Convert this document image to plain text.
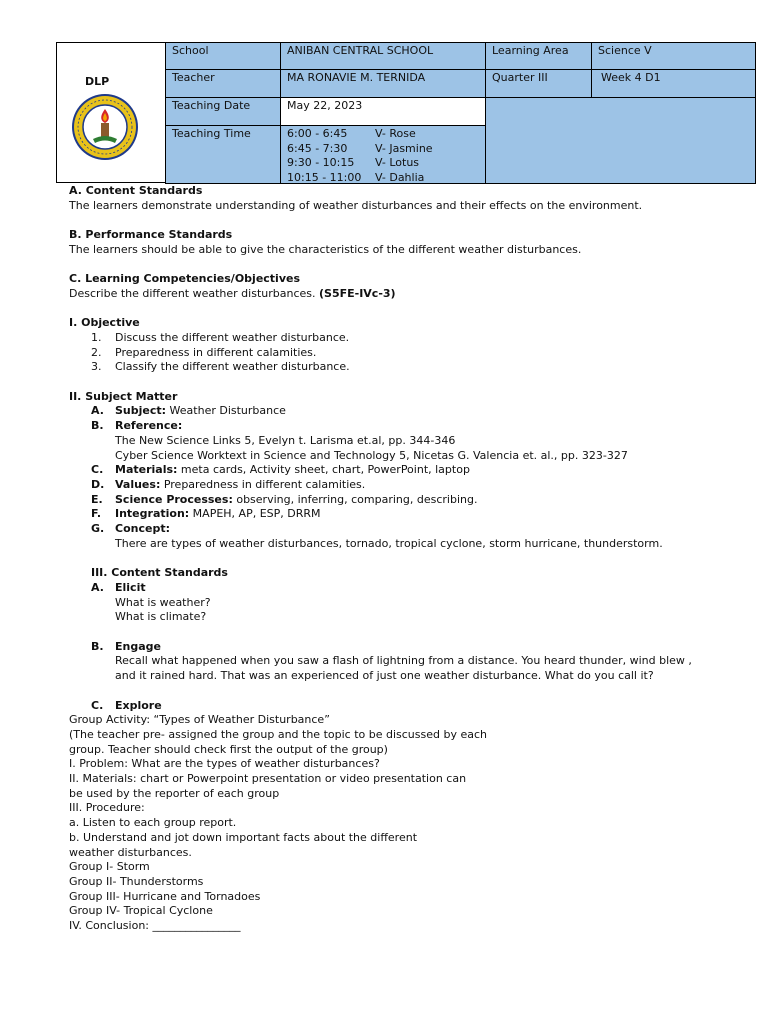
DLP
School	ANIBAN CENTRAL SCHOOL	Learning Area	Science V
Teacher	MA RONAVIE M. TERNIDA	Quarter III	Week 4 D1
Teaching Date	May 22, 2023
Teaching Time	6:00 - 6:45	V- Rose
6:45 - 7:30	V- Jasmine
9:30 - 10:15 V- Lotus
10:15 - 11:00 V- Dahlia

A. Content Standards

The learners demonstrate understanding of weather disturbances and their effects on the environment.

B. Performance Standards

The learners should be able to give the characteristics of the different weather disturbances.

C. Learning Competencies/Objectives

Describe the different weather disturbances. (S5FE-IVc-3)

I. Objective

1. Discuss the different weather disturbance.

2. Preparedness in different calamities.

3. Classify the different weather disturbance.

II. Subject Matter

A. Subject: Weather Disturbance

B. Reference:

The New Science Links 5, Evelyn t. Larisma et.al, pp. 344-346

Cyber Science Worktext in Science and Technology 5, Nicetas G. Valencia et. al., pp. 323-327

C. Materials: meta cards, Activity sheet, chart, PowerPoint, laptop

D. Values: Preparedness in different calamities.

E. Science Processes: observing, inferring, comparing, describing.

F. Integration: MAPEH, AP, ESP, DRRM

G. Concept:

There are types of weather disturbances, tornado, tropical cyclone, storm hurricane, thunderstorm.

III. Content Standards

A. Elicit

What is weather?

What is climate?

B. Engage

Recall what happened when you saw a flash of lightning from a distance. You heard thunder, wind blew ,

and it rained hard. That was an experienced of just one weather disturbance. What do you call it?

C. Explore

Group Activity: “Types of Weather Disturbance”

(The teacher pre- assigned the group and the topic to be discussed by each

group. Teacher should check first the output of the group)

I. Problem: What are the types of weather disturbances?

II. Materials: chart or Powerpoint presentation or video presentation can

be used by the reporter of each group

III. Procedure:

a. Listen to each group report.

b. Understand and jot down important facts about the different

weather disturbances.

Group I- Storm

Group II- Thunderstorms

Group III- Hurricane and Tornadoes

Group IV- Tropical Cyclone

IV. Conclusion: ________________
